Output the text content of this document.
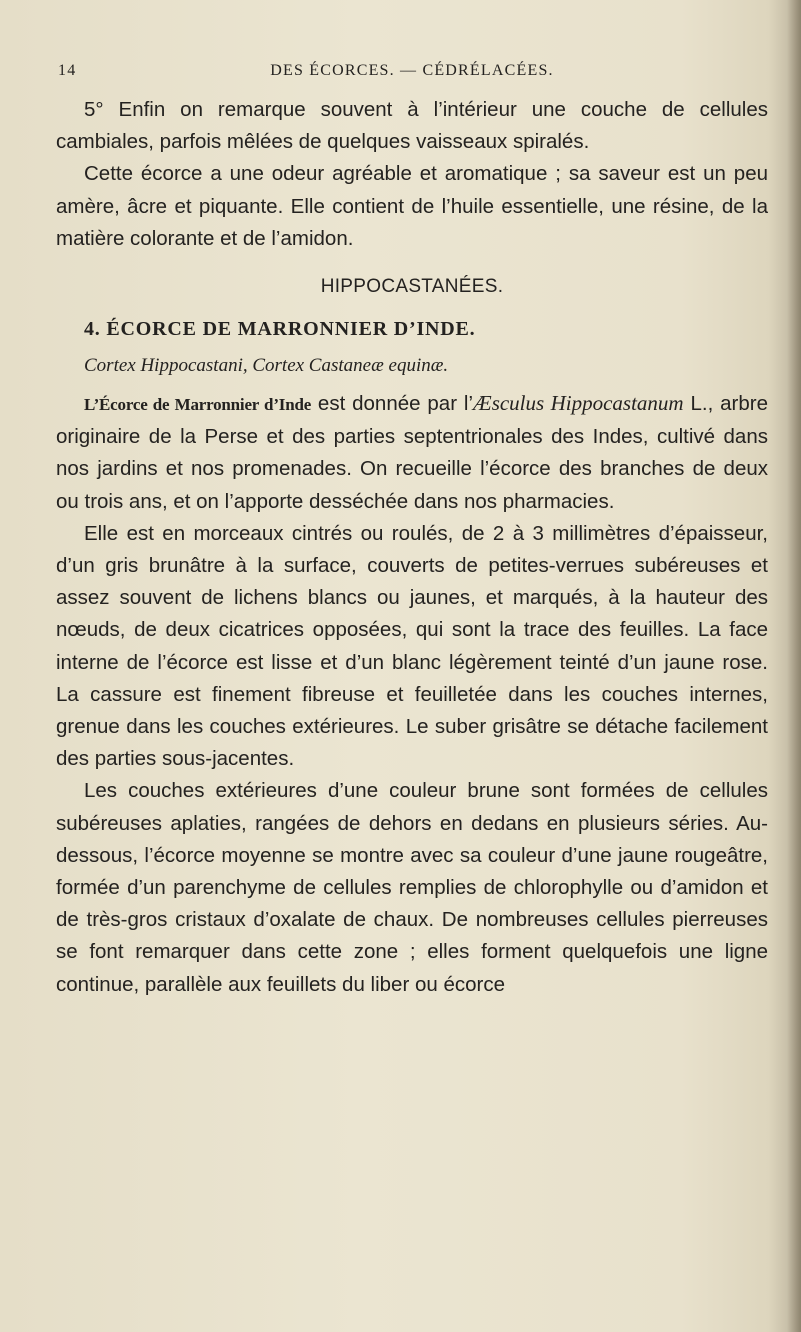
14	DES ÉCORCES. — CÉDRÉLACÉES.

5° Enfin on remarque souvent à l’intérieur une couche de cellules cambiales, parfois mêlées de quelques vaisseaux spiralés.

Cette écorce a une odeur agréable et aromatique ; sa saveur est un peu amère, âcre et piquante. Elle contient de l’huile essentielle, une résine, de la matière colorante et de l’amidon.

HIPPOCASTANÉES.
4. ÉCORCE DE MARRONNIER D’INDE.
Cortex Hippocastani, Cortex Castaneæ equinæ.

L’Écorce de Marronnier d’Inde est donnée par l’Æsculus Hippocastanum L., arbre originaire de la Perse et des parties septentrionales des Indes, cultivé dans nos jardins et nos promenades. On recueille l’écorce des branches de deux ou trois ans, et on l’apporte desséchée dans nos pharmacies.

Elle est en morceaux cintrés ou roulés, de 2 à 3 millimètres d’épaisseur, d’un gris brunâtre à la surface, couverts de petites-verrues subéreuses et assez souvent de lichens blancs ou jaunes, et marqués, à la hauteur des nœuds, de deux cicatrices opposées, qui sont la trace des feuilles. La face interne de l’écorce est lisse et d’un blanc légèrement teinté d’un jaune rose. La cassure est finement fibreuse et feuilletée dans les couches internes, grenue dans les couches extérieures. Le suber grisâtre se détache facilement des parties sous-jacentes.

Les couches extérieures d’une couleur brune sont formées de cellules subéreuses aplaties, rangées de dehors en dedans en plusieurs séries. Au-dessous, l’écorce moyenne se montre avec sa couleur d’une jaune rougeâtre, formée d’un parenchyme de cellules remplies de chlorophylle ou d’amidon et de très-gros cristaux d’oxalate de chaux. De nombreuses cellules pierreuses se font remarquer dans cette zone ; elles forment quelquefois une ligne continue, parallèle aux feuillets du liber ou écorce
